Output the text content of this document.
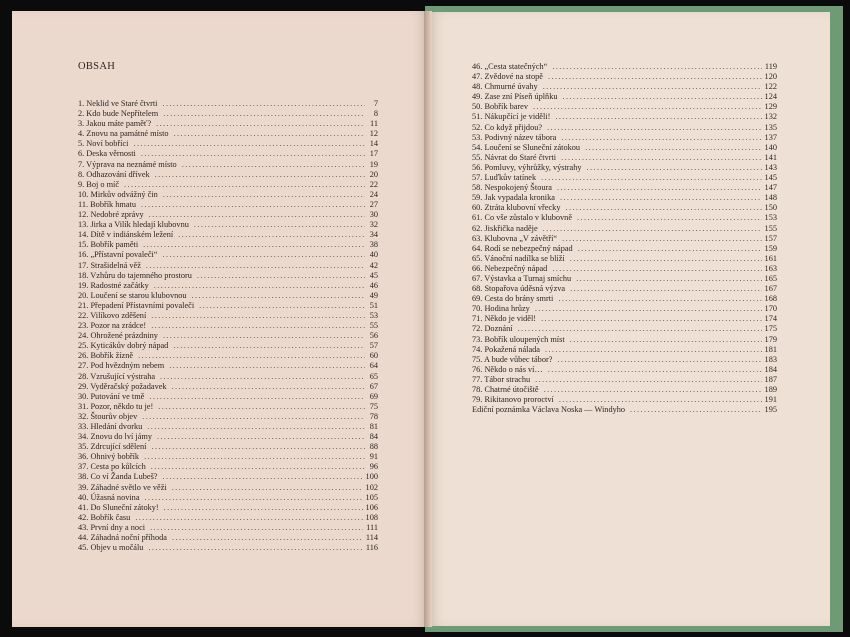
OBSAH
1. Neklid ve Staré čtvrti .....	7
2. Kdo bude Nepřítelem .....	8
3. Jakou máte paměť? .....	11
4. Znovu na památné místo .....	12
5. Noví bobříci .....	14
6. Deska věrnosti .....	17
7. Výprava na neznámé místo .....	19
8. Odhazování dřívek .....	20
9. Boj o míč .....	22
10. Mirkův odvážný čin .....	24
11. Bobřík hmatu .....	27
12. Nedobré zprávy .....	30
13. Jirka a Vilík hledají klubovnu .....	32
14. Dítě v indiánském ležení .....	34
15. Bobřík paměti .....	38
16. „Přístavní povaleči“ .....	40
17. Strašidelná věž .....	42
18. Vzhůru do tajemného prostoru .....	45
19. Radostné začátky .....	46
20. Loučení se starou klubovnou .....	49
21. Přepadení Přístavními povaleči .....	51
22. Vilíkovo zděšení .....	53
23. Pozor na zrádce! .....	55
24. Ohrožené prázdniny .....	56
25. Kyticákův dobrý nápad .....	57
26. Bobřík žízně .....	60
27. Pod hvězdným nebem .....	64
28. Vzrušující výstraha .....	65
29. Vyděračský požadavek .....	67
30. Putování ve tmě .....	69
31. Pozor, někdo tu je! .....	75
32. Štourův objev .....	78
33. Hledání dvorku .....	81
34. Znovu do lví jámy .....	84
35. Zdrcující sdělení .....	88
36. Ohnivý bobřík .....	91
37. Cesta po kůlcích .....	96
38. Co ví Žanda Lubeš? .....	100
39. Záhadné světlo ve věži .....	102
40. Úžasná novina .....	105
41. Do Sluneční zátoky! .....	106
42. Bobřík času .....	108
43. První dny a noci .....	111
44. Záhadná noční příhoda .....	114
45. Objev u močálu .....	116
46. „Cesta statečných“ .....	119
47. Zvědové na stopě .....	120
48. Chmurné úvahy .....	122
49. Zase zní Píseň úplňku .....	124
50. Bobřík barev .....	129
51. Nákupčící je viděli! .....	132
52. Co když přijdou? .....	135
53. Podivný název tábora .....	137
54. Loučení se Sluneční zátokou .....	140
55. Návrat do Staré čtvrti .....	141
56. Pomluvy, výhrůžky, výstrahy .....	143
57. Luďkův tatínek .....	145
58. Nespokojený Štoura .....	147
59. Jak vypadala kronika .....	148
60. Ztráta klubovní vřecky .....	150
61. Co vše zůstalo v klubovně .....	153
62. Jiskřička naděje .....	155
63. Klubovna „V závětří“ .....	157
64. Rodí se nebezpečný nápad .....	159
65. Vánoční nadílka se blíží .....	161
66. Nebezpečný nápad .....	163
67. Výstavka a Turnaj smíchu .....	165
68. Stopařova úděsná výzva .....	167
69. Cesta do brány smrti .....	168
70. Hodina hrůzy .....	170
71. Někdo je viděl! .....	174
72. Doznání .....	175
73. Bobřík uloupených míst .....	179
74. Pokažená nálada .....	181
75. A bude vůbec tábor? .....	183
76. Někdo o nás ví… .....	184
77. Tábor strachu .....	187
78. Chatrné útočiště .....	189
79. Rikitanovo proroctví .....	191
Ediční poznámka Václava Noska — Windyho .....	195
